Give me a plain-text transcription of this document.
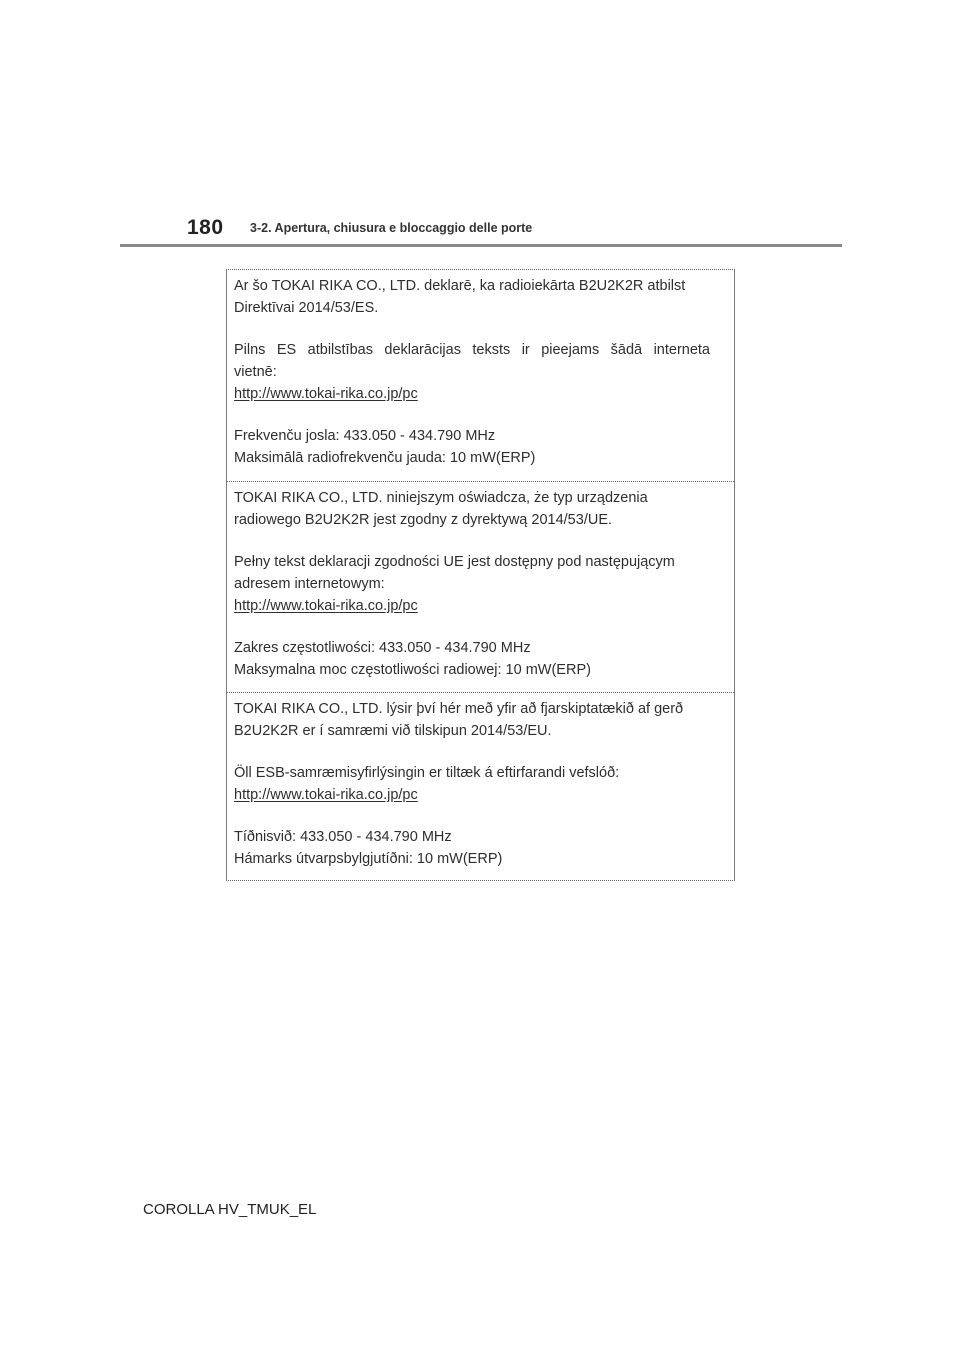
180 3-2. Apertura, chiusura e bloccaggio delle porte

Ar šo TOKAI RIKA CO., LTD. deklarē, ka radioiekārta B2U2K2R atbilst

Direktīvai 2014/53/ES.

Pilns ES atbilstības deklarācijas teksts ir pieejams šādā interneta

vietnē:

http://www.tokai-rika.co.jp/pc

Frekvenču josla: 433.050 - 434.790 MHz

Maksimālā radiofrekvenču jauda: 10 mW(ERP)

TOKAI RIKA CO., LTD. niniejszym oświadcza, że typ urządzenia

radiowego B2U2K2R jest zgodny z dyrektywą 2014/53/UE.

Pełny tekst deklaracji zgodności UE jest dostępny pod następującym

adresem internetowym:

http://www.tokai-rika.co.jp/pc

Zakres częstotliwości: 433.050 - 434.790 MHz

Maksymalna moc częstotliwości radiowej: 10 mW(ERP)

TOKAI RIKA CO., LTD. lýsir því hér með yfir að fjarskiptatækið af gerð

B2U2K2R er í samræmi við tilskipun 2014/53/EU.

Öll ESB-samræmisyfirlýsingin er tiltæk á eftirfarandi vefslóð:

http://www.tokai-rika.co.jp/pc

Tíðnisvið: 433.050 - 434.790 MHz

Hámarks útvarpsbylgjutíðni: 10 mW(ERP)

COROLLA HV_TMUK_EL
